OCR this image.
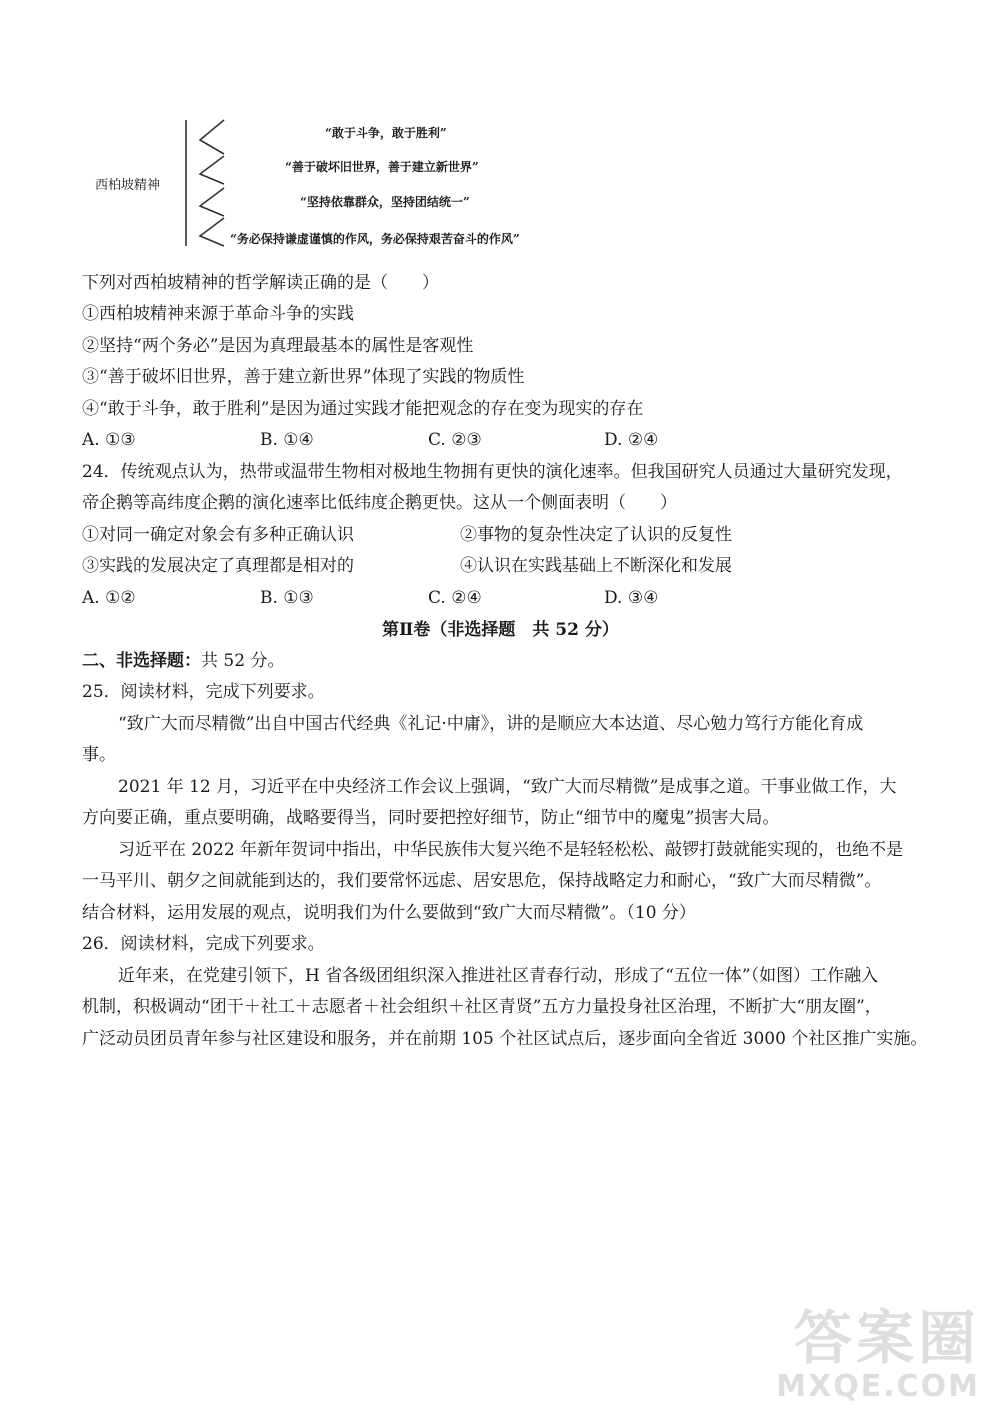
西柏坡精神
“敢于斗争，敢于胜利”
“善于破坏旧世界，善于建立新世界”
“坚持依靠群众，坚持团结统一”
“务必保持谦虚谨慎的作风，务必保持艰苦奋斗的作风”
下列对西柏坡精神的哲学解读正确的是（　　）
①西柏坡精神来源于革命斗争的实践
②坚持“两个务必”是因为真理最基本的属性是客观性
③“善于破坏旧世界，善于建立新世界”体现了实践的物质性
④“敢于斗争，敢于胜利”是因为通过实践才能把观念的存在变为现实的存在
A. ①③	B. ①④	C. ②③	D. ②④
24．传统观点认为，热带或温带生物相对极地生物拥有更快的演化速率。但我国研究人员通过大量研究发现，
帝企鹅等高纬度企鹅的演化速率比低纬度企鹅更快。这从一个侧面表明（　　）
①对同一确定对象会有多种正确认识	②事物的复杂性决定了认识的反复性
③实践的发展决定了真理都是相对的	④认识在实践基础上不断深化和发展
A. ①②	B. ①③	C. ②④	D. ③④
第Ⅱ卷（非选择题　共 52 分）
二、非选择题：共 52 分。
25．阅读材料，完成下列要求。
“致广大而尽精微”出自中国古代经典《礼记·中庸》，讲的是顺应大本达道、尽心勉力笃行方能化育成
事。
2021 年 12 月，习近平在中央经济工作会议上强调，“致广大而尽精微”是成事之道。干事业做工作，大
方向要正确，重点要明确，战略要得当，同时要把控好细节，防止“细节中的魔鬼”损害大局。
习近平在 2022 年新年贺词中指出，中华民族伟大复兴绝不是轻轻松松、敲锣打鼓就能实现的，也绝不是
一马平川、朝夕之间就能到达的，我们要常怀远虑、居安思危，保持战略定力和耐心，“致广大而尽精微”。
结合材料，运用发展的观点，说明我们为什么要做到“致广大而尽精微”。（10 分）
26．阅读材料，完成下列要求。
近年来，在党建引领下，H 省各级团组织深入推进社区青春行动，形成了“五位一体”（如图）工作融入
机制，积极调动“团干＋社工＋志愿者＋社会组织＋社区青贤”五方力量投身社区治理，不断扩大“朋友圈”，
广泛动员团员青年参与社区建设和服务，并在前期 105 个社区试点后，逐步面向全省近 3000 个社区推广实施。
答案圈
MXQE.COM
